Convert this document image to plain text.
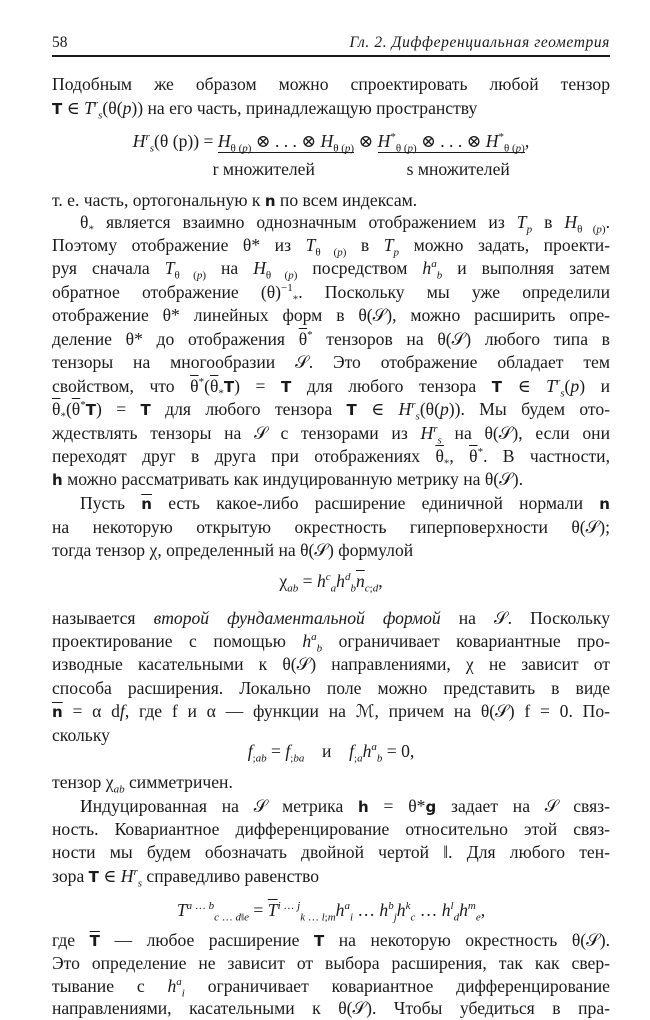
58	Гл. 2. Дифференциальная геометрия
Подобным же образом можно спроектировать любой тензор
T ∈ $T^r_s(\theta(p))$ на его часть, принадлежащую пространству
$H^r_s(\theta$ $(p)) = H_{\theta (p)}$ ⊗ . . . ⊗ $H_{\theta (p)}$ ⊗ $H^*_{\theta (p)}$ ⊗ . . . ⊗ $H^*_{\theta (p)}$,
r множителей	s множителей
т. е. часть, ортогональную к n по всем индексам.
$\theta_*$ является взаимно однозначным отображением из $T_p$ в $H_{\theta (p)}$.
Поэтому отображение θ* из $T_{\theta (p)}$ в $T_p$ можно задать, проекти-
руя сначала $T_{\theta (p)}$ на $H_{\theta (p)}$ посредством $h^a_b$ и выполняя затем
обратное отображение $(\theta)^{-1}_*$. Поскольку мы уже определили
отображение θ* линейных форм в θ(𝒮), можно расширить опре-
деление θ* до отображения $\overline{\theta}^*$ тензоров на θ(𝒮) любого типа в
тензоры на многообразии 𝒮. Это отображение обладает тем
свойством, что $\overline{\theta}^*(\overline{\theta}_*T) = T$ для любого тензора T ∈ $T^r_s(p)$ и
$\overline{\theta}_*(\overline{\theta}^*T) = T$ для любого тензора T ∈ $H^r_s(\theta(p))$. Мы будем ото-
ждествлять тензоры на 𝒮 с тензорами из $H^r_s$ на θ(𝒮), если они
переходят друг в друга при отображениях $\overline{\theta}_*$, $\overline{\theta}^*$. В частности,
h можно рассматривать как индуцированную метрику на θ(𝒮).
Пусть $\overline{n}$ есть какое-либо расширение единичной нормали n
на некоторую открытую окрестность гиперповерхности θ(𝒮);
тогда тензор χ, определенный на θ(𝒮) формулой
$\chi_{ab} = h^c_ah^d_b\overline{n}_{c;d}$,
называется второй фундаментальной формой на 𝒮. Поскольку
проектирование с помощью $h^a_b$ ограничивает ковариантные про-
изводные касательными к θ(𝒮) направлениями, χ не зависит от
способа расширения. Локально поле можно представить в виде
$\overline{n} = \alpha$ df, где f и α — функции на ℳ, причем на θ(𝒮) f = 0. По-
скольку
$f_{;ab} = f_{;ba}$ и $f_{;a}h^a_b = 0$,
тензор $\chi_{ab}$ симметричен.
Индуцированная на 𝒮 метрика h = θ*g задает на 𝒮 связ-
ность. Ковариантное дифференцирование относительно этой связ-
ности мы будем обозначать двойной чертой ‖. Для любого тен-
зора T ∈ $H^r_s$ справедливо равенство
$T^{a \dots b}_{c \dots d‖e} = \overline{T}^{i \dots j}_{k \dots l;m}h^a_i$ … $h^b_jh^k_c$ … $h^l_dh^m_e$,
где $\overline{T}$ — любое расширение T на некоторую окрестность θ(𝒮).
Это определение не зависит от выбора расширения, так как свер-
тывание с $h^a_i$ ограничивает ковариантное дифференцирование
направлениями, касательными к θ(𝒮). Чтобы убедиться в пра-
